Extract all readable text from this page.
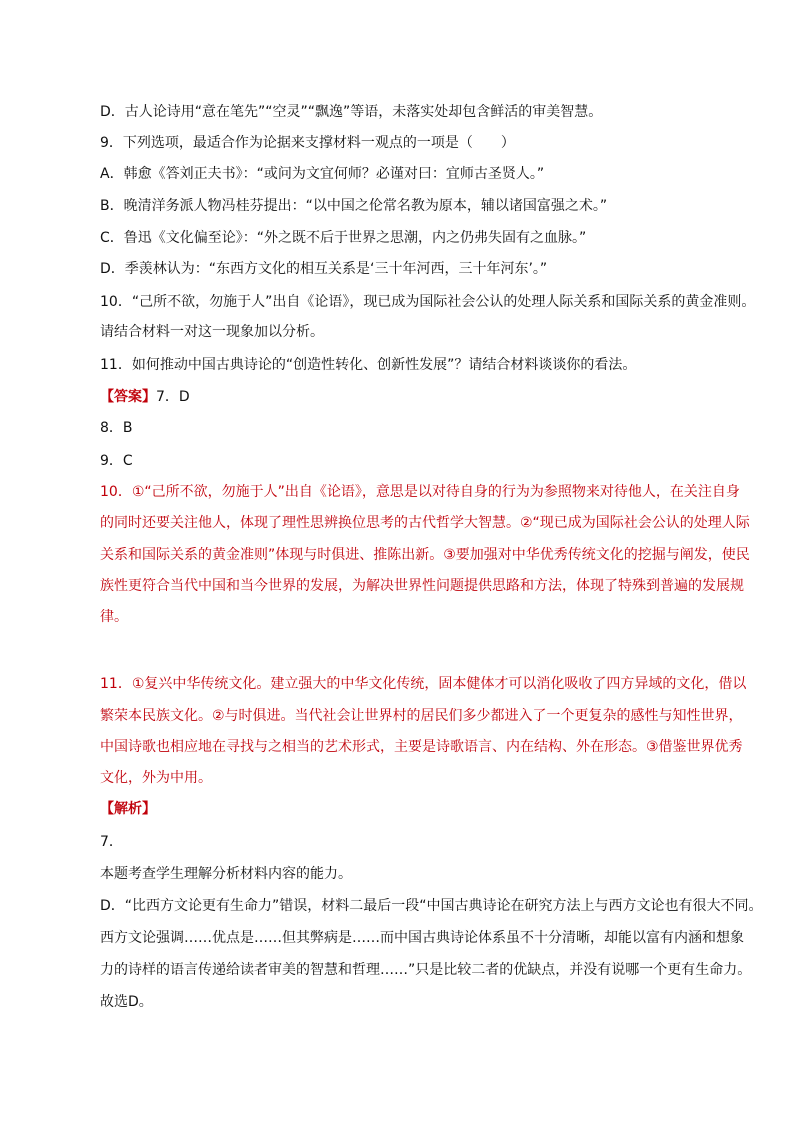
D．古人论诗用“意在笔先”“空灵”“飘逸”等语，未落实处却包含鲜活的审美智慧。
9．下列选项，最适合作为论据来支撑材料一观点的一项是（　　）
A．韩愈《答刘正夫书》：“或问为文宜何师？必谨对曰：宜师古圣贤人。”
B．晚清洋务派人物冯桂芬提出：“以中国之伦常名教为原本，辅以诸国富强之术。”
C．鲁迅《文化偏至论》：“外之既不后于世界之思潮，内之仍弗失固有之血脉。”
D．季羡林认为：“东西方文化的相互关系是‘三十年河西，三十年河东’。”
10．“己所不欲，勿施于人”出自《论语》，现已成为国际社会公认的处理人际关系和国际关系的黄金准则。
请结合材料一对这一现象加以分析。
11．如何推动中国古典诗论的“创造性转化、创新性发展”？请结合材料谈谈你的看法。
【答案】7．D
8．B
9．C
10．①“己所不欲，勿施于人”出自《论语》，意思是以对待自身的行为为参照物来对待他人，在关注自身
的同时还要关注他人，体现了理性思辨换位思考的古代哲学大智慧。②“现已成为国际社会公认的处理人际
关系和国际关系的黄金准则”体现与时俱进、推陈出新。③要加强对中华优秀传统文化的挖掘与阐发，使民
族性更符合当代中国和当今世界的发展，为解决世界性问题提供思路和方法，体现了特殊到普遍的发展规
律。
11．①复兴中华传统文化。建立强大的中华文化传统，固本健体才可以消化吸收了四方异域的文化，借以
繁荣本民族文化。②与时俱进。当代社会让世界村的居民们多少都进入了一个更复杂的感性与知性世界，
中国诗歌也相应地在寻找与之相当的艺术形式，主要是诗歌语言、内在结构、外在形态。③借鉴世界优秀
文化，外为中用。
【解析】
7．
本题考查学生理解分析材料内容的能力。
D．“比西方文论更有生命力”错误，材料二最后一段“中国古典诗论在研究方法上与西方文论也有很大不同。
西方文论强调……优点是……但其弊病是……而中国古典诗论体系虽不十分清晰，却能以富有内涵和想象
力的诗样的语言传递给读者审美的智慧和哲理……”只是比较二者的优缺点，并没有说哪一个更有生命力。
故选D。
